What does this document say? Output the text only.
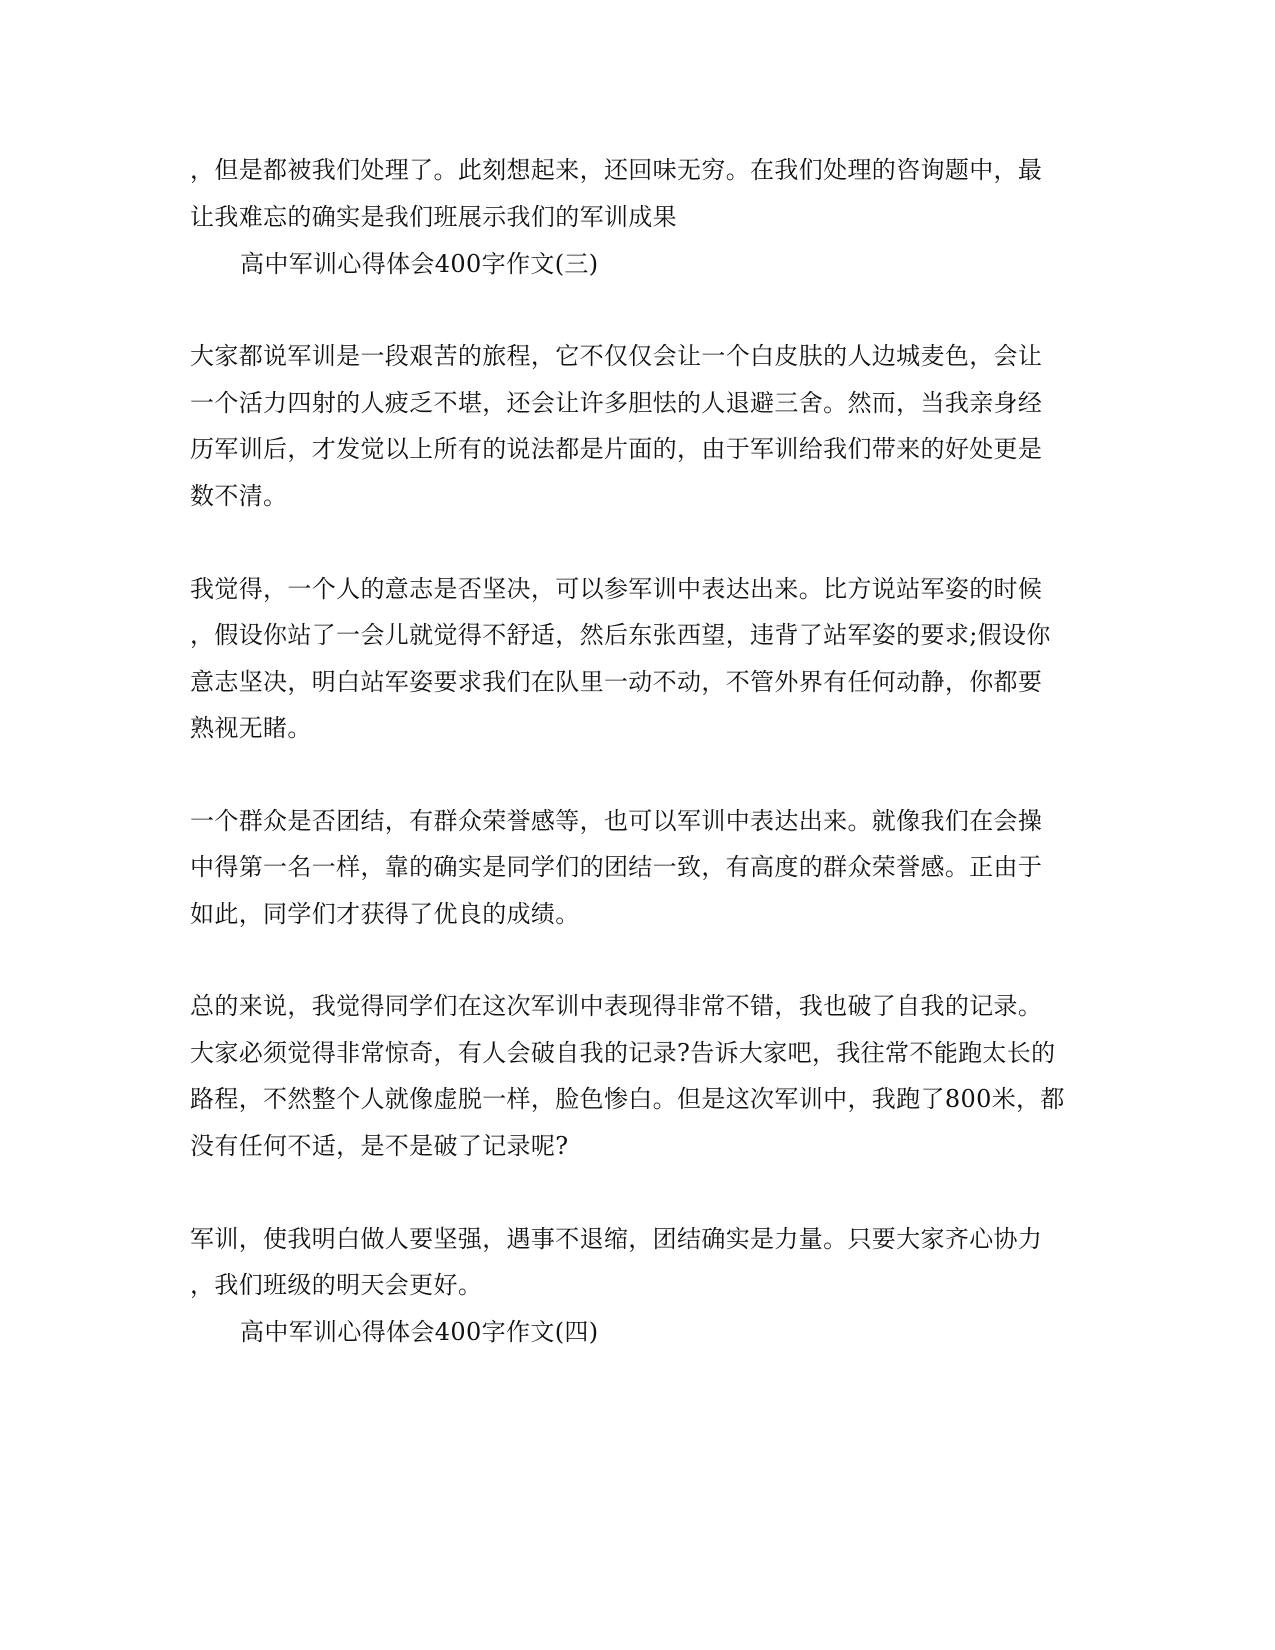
，但是都被我们处理了。此刻想起来，还回味无穷。在我们处理的咨询题中，最
让我难忘的确实是我们班展示我们的军训成果
高中军训心得体会400字作文(三)
大家都说军训是一段艰苦的旅程，它不仅仅会让一个白皮肤的人边城麦色，会让
一个活力四射的人疲乏不堪，还会让许多胆怯的人退避三舍。然而，当我亲身经
历军训后，才发觉以上所有的说法都是片面的，由于军训给我们带来的好处更是
数不清。
我觉得，一个人的意志是否坚决，可以参军训中表达出来。比方说站军姿的时候
，假设你站了一会儿就觉得不舒适，然后东张西望，违背了站军姿的要求;假设你
意志坚决，明白站军姿要求我们在队里一动不动，不管外界有任何动静，你都要
熟视无睹。
一个群众是否团结，有群众荣誉感等，也可以军训中表达出来。就像我们在会操
中得第一名一样，靠的确实是同学们的团结一致，有高度的群众荣誉感。正由于
如此，同学们才获得了优良的成绩。
总的来说，我觉得同学们在这次军训中表现得非常不错，我也破了自我的记录。
大家必须觉得非常惊奇，有人会破自我的记录?告诉大家吧，我往常不能跑太长的
路程，不然整个人就像虚脱一样，脸色惨白。但是这次军训中，我跑了800米，都
没有任何不适，是不是破了记录呢?
军训，使我明白做人要坚强，遇事不退缩，团结确实是力量。只要大家齐心协力
，我们班级的明天会更好。
高中军训心得体会400字作文(四)
